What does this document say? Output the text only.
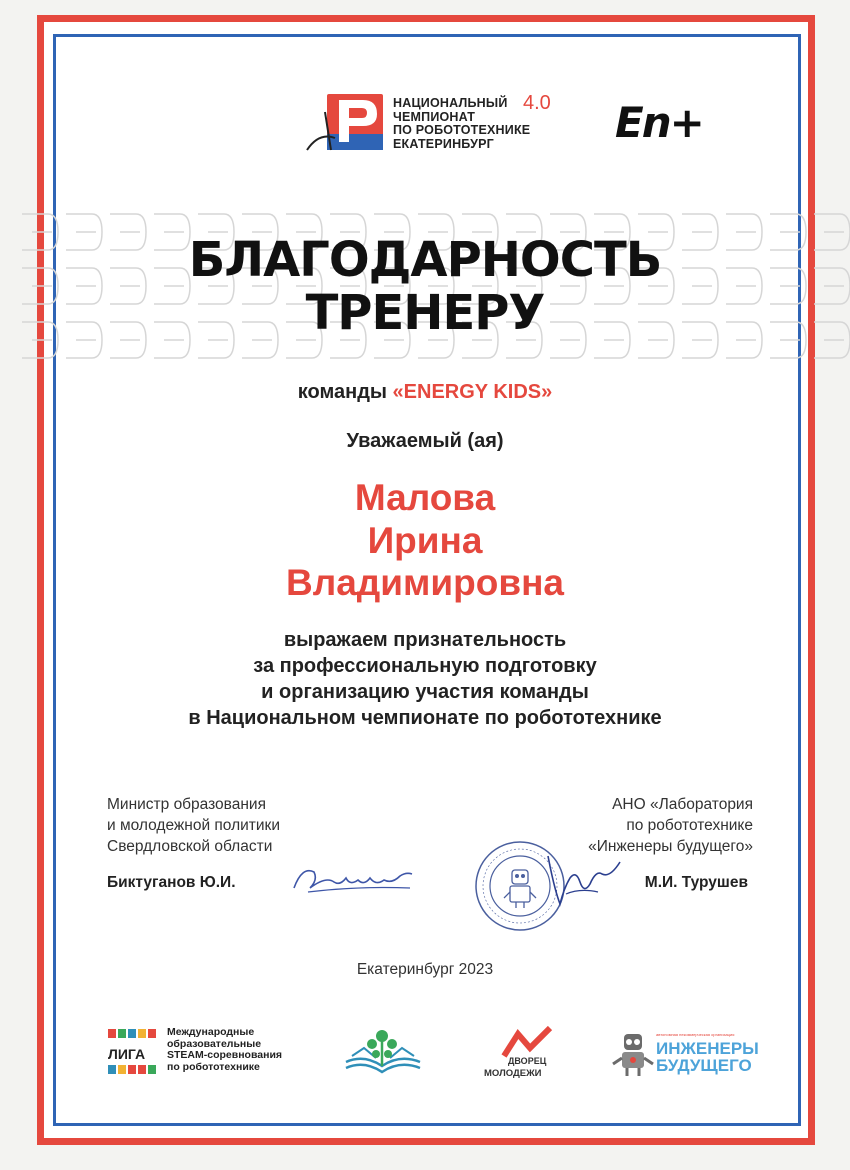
НАЦИОНАЛЬНЫЙ
ЧЕМПИОНАТ
ПО РОБОТОТЕХНИКЕ
ЕКАТЕРИНБУРГ
4.0 En+
БЛАГОДАРНОСТЬ
ТРЕНЕРУ
команды «ENERGY KIDS»
Уважаемый (ая)
Малова
Ирина
Владимировна
выражаем признательность
за профессиональную подготовку
и организацию участия команды
в Национальном чемпионате по робототехнике
Министр образования
и молодежной политики
Свердловской области
АНО «Лаборатория
по робототехнике
«Инженеры будущего»
Биктуганов Ю.И.	М.И. Турушев
Екатеринбург 2023
ЛИГА
Международные
образовательные
STEAM-соревнования
по робототехнике	ДВОРЕЦ
МОЛОДЕЖИ
автономная некоммерческая организация
ИНЖЕНЕРЫ
БУДУЩЕГО
